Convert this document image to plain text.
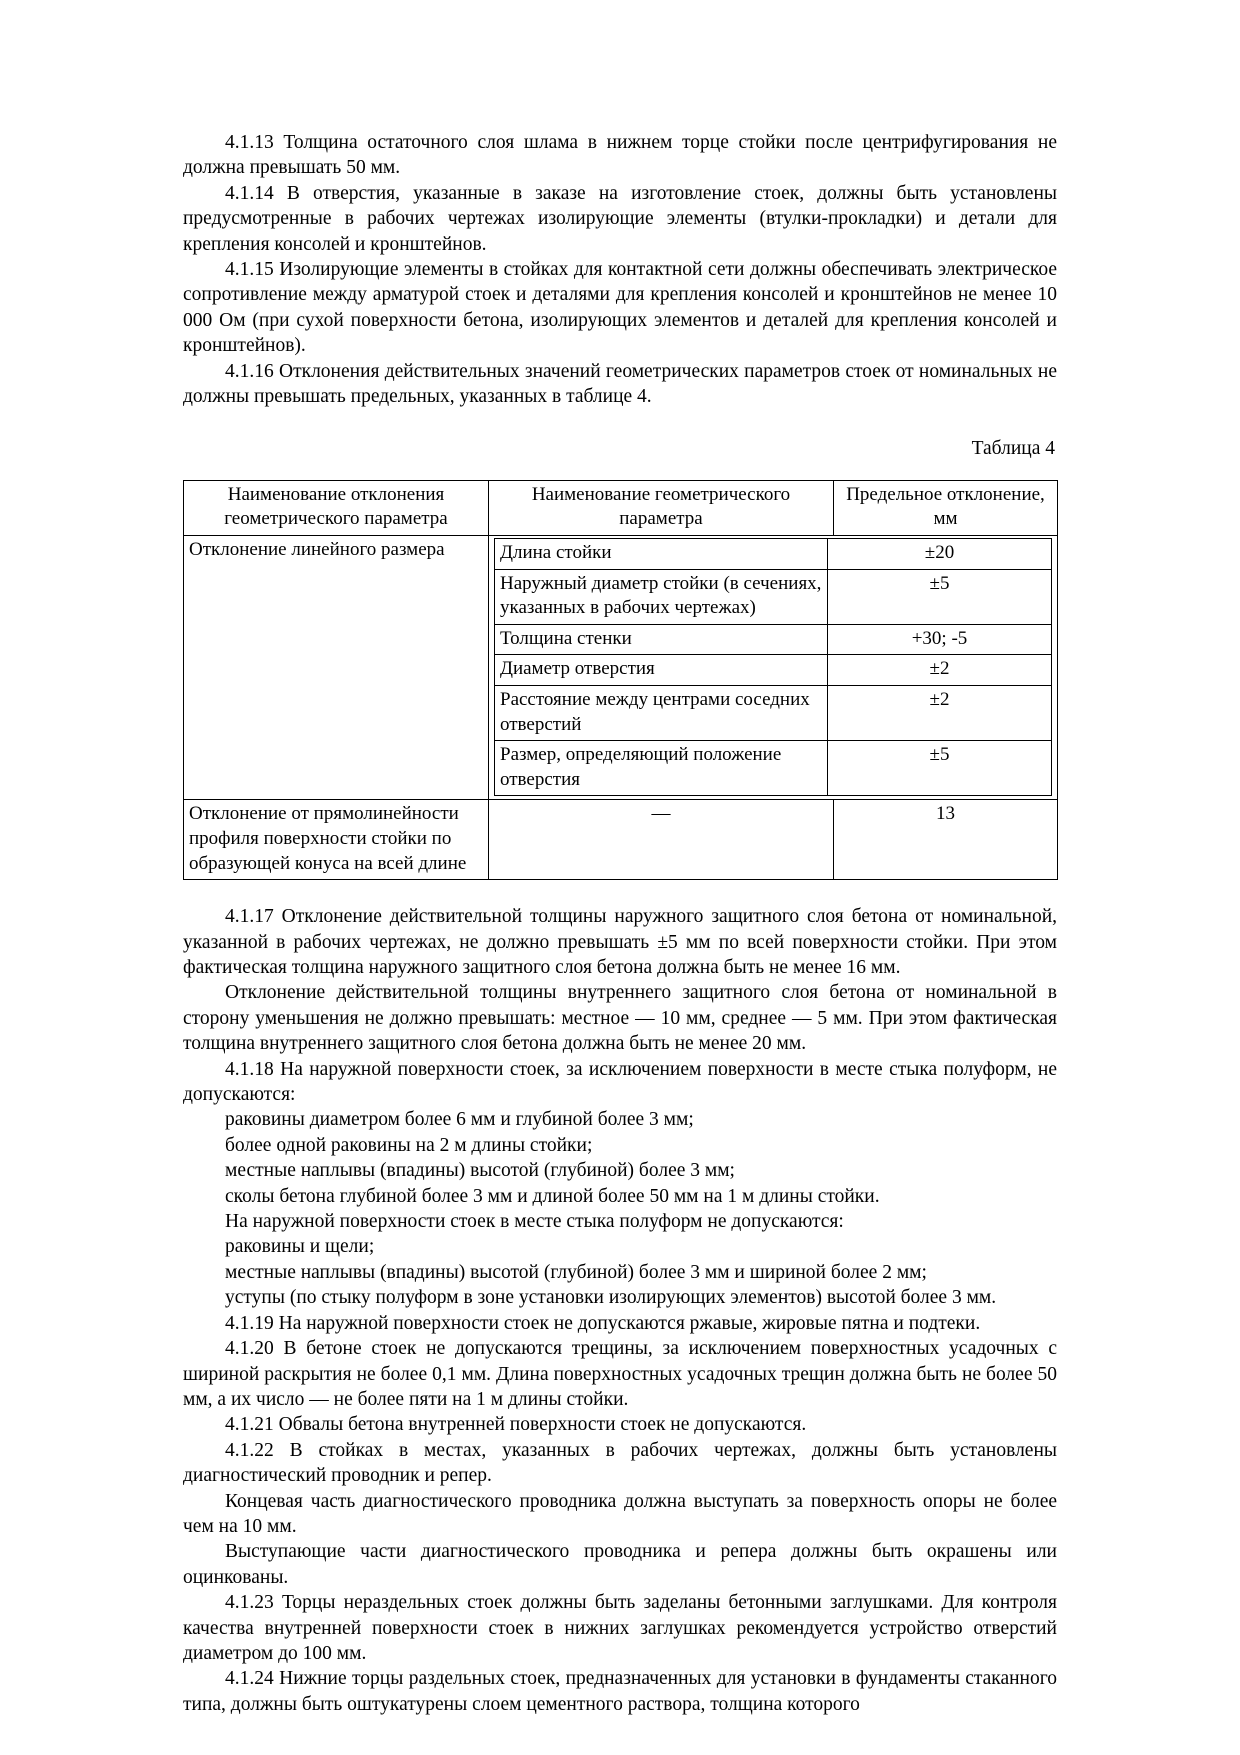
4.1.13 Толщина остаточного слоя шлама в нижнем торце стойки после центрифугирования не должна превышать 50 мм.

4.1.14 В отверстия, указанные в заказе на изготовление стоек, должны быть установлены предусмотренные в рабочих чертежах изолирующие элементы (втулки-прокладки) и детали для крепления консолей и кронштейнов.

4.1.15 Изолирующие элементы в стойках для контактной сети должны обеспечивать электрическое сопротивление между арматурой стоек и деталями для крепления консолей и кронштейнов не менее 10 000 Ом (при сухой поверхности бетона, изолирующих элементов и деталей для крепления консолей и кронштейнов).

4.1.16 Отклонения действительных значений геометрических параметров стоек от номинальных не должны превышать предельных, указанных в таблице 4.

Таблица 4

Наименование отклонения геометрического параметра	Наименование геометрического параметра	Предельное отклонение, мм
Отклонение линейного размера		Длина стойки	±20
Наружный диаметр стойки (в сечениях, указанных в рабочих чертежах)	±5
Толщина стенки	+30; -5
Диаметр отверстия	±2
Расстояние между центрами соседних отверстий	±2
Размер, определяющий положение отверстия	±5

Отклонение от прямолинейности профиля поверхности стойки по образующей конуса на всей длине	—	13

4.1.17 Отклонение действительной толщины наружного защитного слоя бетона от номинальной, указанной в рабочих чертежах, не должно превышать ±5 мм по всей поверхности стойки. При этом фактическая толщина наружного защитного слоя бетона должна быть не менее 16 мм.

Отклонение действительной толщины внутреннего защитного слоя бетона от номинальной в сторону уменьшения не должно превышать: местное — 10 мм, среднее — 5 мм. При этом фактическая толщина внутреннего защитного слоя бетона должна быть не менее 20 мм.

4.1.18 На наружной поверхности стоек, за исключением поверхности в месте стыка полуформ, не допускаются:

раковины диаметром более 6 мм и глубиной более 3 мм;

более одной раковины на 2 м длины стойки;

местные наплывы (впадины) высотой (глубиной) более 3 мм;

сколы бетона глубиной более 3 мм и длиной более 50 мм на 1 м длины стойки.

На наружной поверхности стоек в месте стыка полуформ не допускаются:

раковины и щели;

местные наплывы (впадины) высотой (глубиной) более 3 мм и шириной более 2 мм;

уступы (по стыку полуформ в зоне установки изолирующих элементов) высотой более 3 мм.

4.1.19 На наружной поверхности стоек не допускаются ржавые, жировые пятна и подтеки.

4.1.20 В бетоне стоек не допускаются трещины, за исключением поверхностных усадочных с шириной раскрытия не более 0,1 мм. Длина поверхностных усадочных трещин должна быть не более 50 мм, а их число — не более пяти на 1 м длины стойки.

4.1.21 Обвалы бетона внутренней поверхности стоек не допускаются.

4.1.22 В стойках в местах, указанных в рабочих чертежах, должны быть установлены диагностический проводник и репер.

Концевая часть диагностического проводника должна выступать за поверхность опоры не более чем на 10 мм.

Выступающие части диагностического проводника и репера должны быть окрашены или оцинкованы.

4.1.23 Торцы нераздельных стоек должны быть заделаны бетонными заглушками. Для контроля качества внутренней поверхности стоек в нижних заглушках рекомендуется устройство отверстий диаметром до 100 мм.

4.1.24 Нижние торцы раздельных стоек, предназначенных для установки в фундаменты стаканного типа, должны быть оштукатурены слоем цементного раствора, толщина которого
